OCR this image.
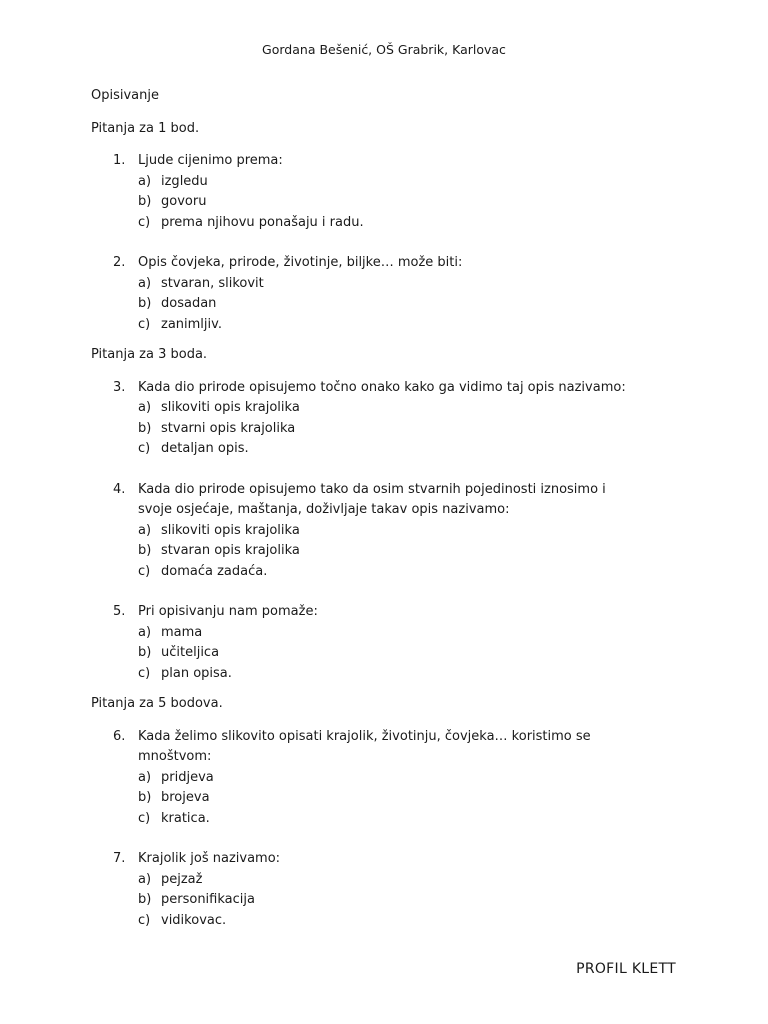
Gordana Bešenić, OŠ Grabrik, Karlovac
Opisivanje
Pitanja za 1 bod.
1. Ljude cijenimo prema:
a) izgledu
b) govoru
c) prema njihovu ponašaju i radu.
2. Opis čovjeka, prirode, životinje, biljke… može biti:
a) stvaran, slikovit
b) dosadan
c) zanimljiv.
Pitanja za 3 boda.
3. Kada dio prirode opisujemo točno onako kako ga vidimo taj opis nazivamo:
a) slikoviti opis krajolika
b) stvarni opis krajolika
c) detaljan opis.
4. Kada dio prirode opisujemo tako da osim stvarnih pojedinosti iznosimo i svoje osjećaje, maštanja, doživljaje takav opis nazivamo:
a) slikoviti opis krajolika
b) stvaran opis krajolika
c) domaća zadaća.
5. Pri opisivanju nam pomaže:
a) mama
b) učiteljica
c) plan opisa.
Pitanja za 5 bodova.
6. Kada želimo slikovito opisati krajolik, životinju, čovjeka… koristimo se mnoštvom:
a) pridjeva
b) brojeva
c) kratica.
7. Krajolik još nazivamo:
a) pejzaž
b) personifikacija
c) vidikovac.
PROFIL KLETT
